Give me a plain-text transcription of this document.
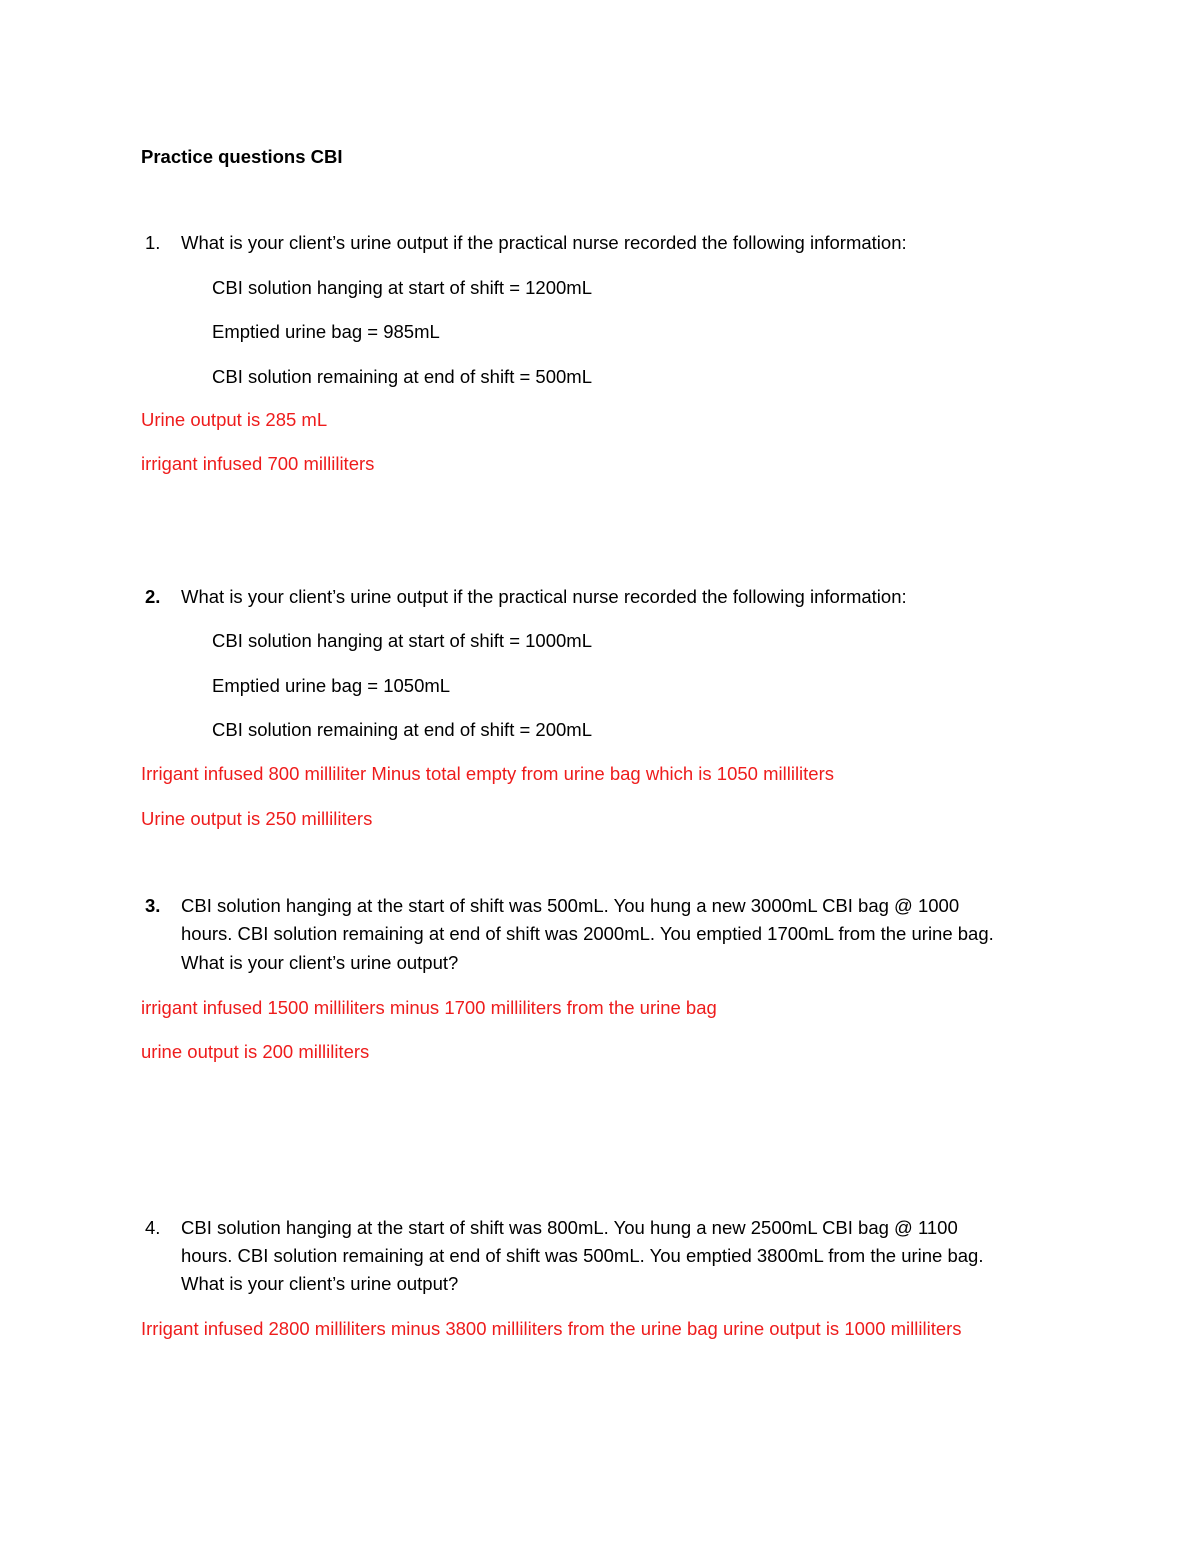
Practice questions CBI
1. What is your client’s urine output if the practical nurse recorded the following information:
CBI solution hanging at start of shift = 1200mL
Emptied urine bag = 985mL
CBI solution remaining at end of shift = 500mL
Urine output is 285 mL
irrigant infused 700 milliliters
2. What is your client’s urine output if the practical nurse recorded the following information:
CBI solution hanging at start of shift = 1000mL
Emptied urine bag = 1050mL
CBI solution remaining at end of shift = 200mL
Irrigant infused 800 milliliter Minus total empty from urine bag which is 1050 milliliters
Urine output is 250 milliliters
3. CBI solution hanging at the start of shift was 500mL. You hung a new 3000mL CBI bag @ 1000
hours. CBI solution remaining at end of shift was 2000mL. You emptied 1700mL from the urine bag.
What is your client’s urine output?
irrigant infused 1500 milliliters minus 1700 milliliters from the urine bag
urine output is 200 milliliters
4. CBI solution hanging at the start of shift was 800mL. You hung a new 2500mL CBI bag @ 1100
hours. CBI solution remaining at end of shift was 500mL. You emptied 3800mL from the urine bag.
What is your client’s urine output?
Irrigant infused 2800 milliliters minus 3800 milliliters from the urine bag urine output is 1000 milliliters
